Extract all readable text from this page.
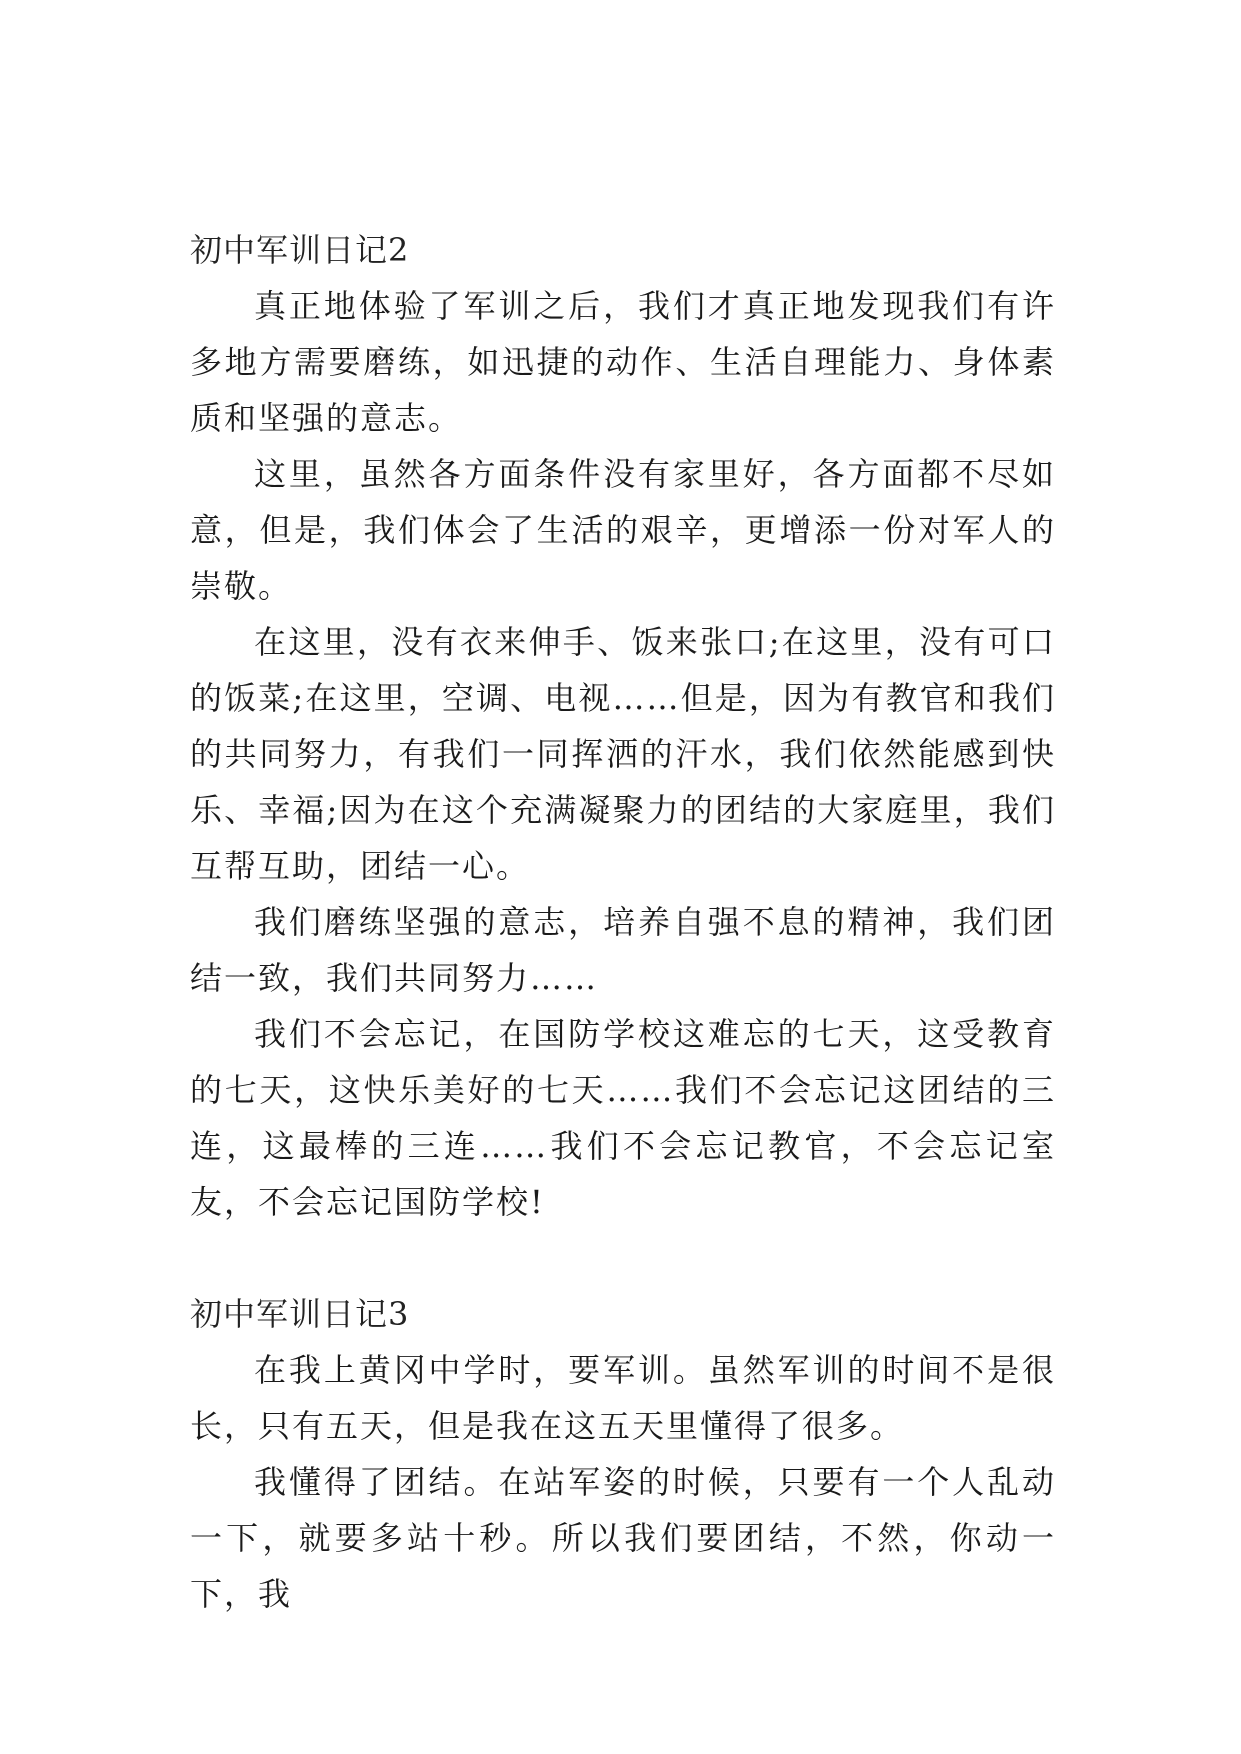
初中军训日记2

真正地体验了军训之后，我们才真正地发现我们有许多地方需要磨练，如迅捷的动作、生活自理能力、身体素质和坚强的意志。

这里，虽然各方面条件没有家里好，各方面都不尽如意，但是，我们体会了生活的艰辛，更增添一份对军人的崇敬。

在这里，没有衣来伸手、饭来张口;在这里，没有可口的饭菜;在这里，空调、电视……但是，因为有教官和我们的共同努力，有我们一同挥洒的汗水，我们依然能感到快乐、幸福;因为在这个充满凝聚力的团结的大家庭里，我们互帮互助，团结一心。

我们磨练坚强的意志，培养自强不息的精神，我们团结一致，我们共同努力……

我们不会忘记，在国防学校这难忘的七天，这受教育的七天，这快乐美好的七天……我们不会忘记这团结的三连，这最棒的三连……我们不会忘记教官，不会忘记室友，不会忘记国防学校!

初中军训日记3

在我上黄冈中学时，要军训。虽然军训的时间不是很长，只有五天，但是我在这五天里懂得了很多。

我懂得了团结。在站军姿的时候，只要有一个人乱动一下，就要多站十秒。所以我们要团结，不然，你动一下，我
